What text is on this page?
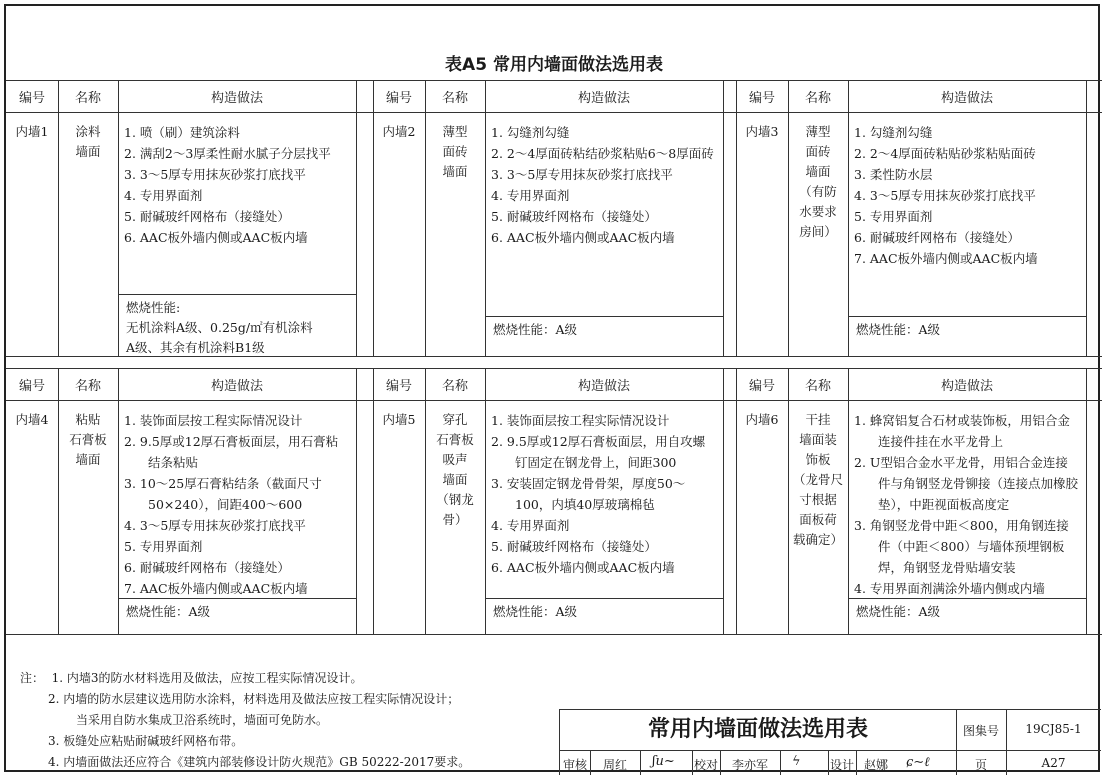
表A5 常用内墙面做法选用表
编号	名称	构造做法
内墙1	涂料
墙面
1. 喷（刷）建筑涂料
2. 满刮2～3厚柔性耐水腻子分层找平
3. 3～5厚专用抹灰砂浆打底找平
4. 专用界面剂
5. 耐碱玻纤网格布（接缝处）
6. AAC板外墙内侧或AAC板内墙
燃烧性能:
无机涂料A级、0.25g/㎡有机涂料
A级、其余有机涂料B1级
编号	名称	构造做法
内墙2	薄型
面砖
墙面
1. 勾缝剂勾缝
2. 2～4厚面砖粘结砂浆粘贴6～8厚面砖
3. 3～5厚专用抹灰砂浆打底找平
4. 专用界面剂
5. 耐碱玻纤网格布（接缝处）
6. AAC板外墙内侧或AAC板内墙
燃烧性能：A级
编号	名称	构造做法
内墙3	薄型
面砖
墙面
（有防
水要求
房间）
1. 勾缝剂勾缝
2. 2～4厚面砖粘贴砂浆粘贴面砖
3. 柔性防水层
4. 3～5厚专用抹灰砂浆打底找平
5. 专用界面剂
6. 耐碱玻纤网格布（接缝处）
7. AAC板外墙内侧或AAC板内墙
燃烧性能：A级
编号	名称	构造做法
内墙4	粘贴
石膏板
墙面
1. 装饰面层按工程实际情况设计
2. 9.5厚或12厚石膏板面层，用石膏粘结条粘贴
3. 10～25厚石膏粘结条（截面尺寸50×240），间距400～600
4. 3～5厚专用抹灰砂浆打底找平
5. 专用界面剂
6. 耐碱玻纤网格布（接缝处）
7. AAC板外墙内侧或AAC板内墙
燃烧性能：A级
编号	名称	构造做法
内墙5	穿孔
石膏板
吸声
墙面
（钢龙
骨）
1. 装饰面层按工程实际情况设计
2. 9.5厚或12厚石膏板面层，用自攻螺钉固定在钢龙骨上，间距300
3. 安装固定钢龙骨骨架，厚度50～100，内填40厚玻璃棉毡
4. 专用界面剂
5. 耐碱玻纤网格布（接缝处）
6. AAC板外墙内侧或AAC板内墙
燃烧性能：A级
编号	名称	构造做法
内墙6	干挂
墙面装
饰板
（龙骨尺
寸根据
面板荷
载确定）
1. 蜂窝铝复合石材或装饰板，用铝合金连接件挂在水平龙骨上
2. U型铝合金水平龙骨，用铝合金连接件与角钢竖龙骨铆接（连接点加橡胶垫），中距视面板高度定
3. 角钢竖龙骨中距＜800，用角钢连接件（中距＜800）与墙体预埋钢板焊，角钢竖龙骨贴墙安装
4. 专用界面剂满涂外墙内侧或内墙
燃烧性能：A级
注： 1. 内墙3的防水材料选用及做法，应按工程实际情况设计。
2. 内墙的防水层建议选用防水涂料，材料选用及做法应按工程实际情况设计；
当采用自防水集成卫浴系统时，墙面可免防水。
3. 板缝处应粘贴耐碱玻纤网格布带。
4. 内墙面做法还应符合《建筑内部装修设计防火规范》GB 50222-2017要求。
常用内墙面做法选用表	图集号	19CJ85-1
审核	周红	ʃu~ 校对	李亦军	ϟ 设计 赵娜	ɕ∼ℓ	页	A27
